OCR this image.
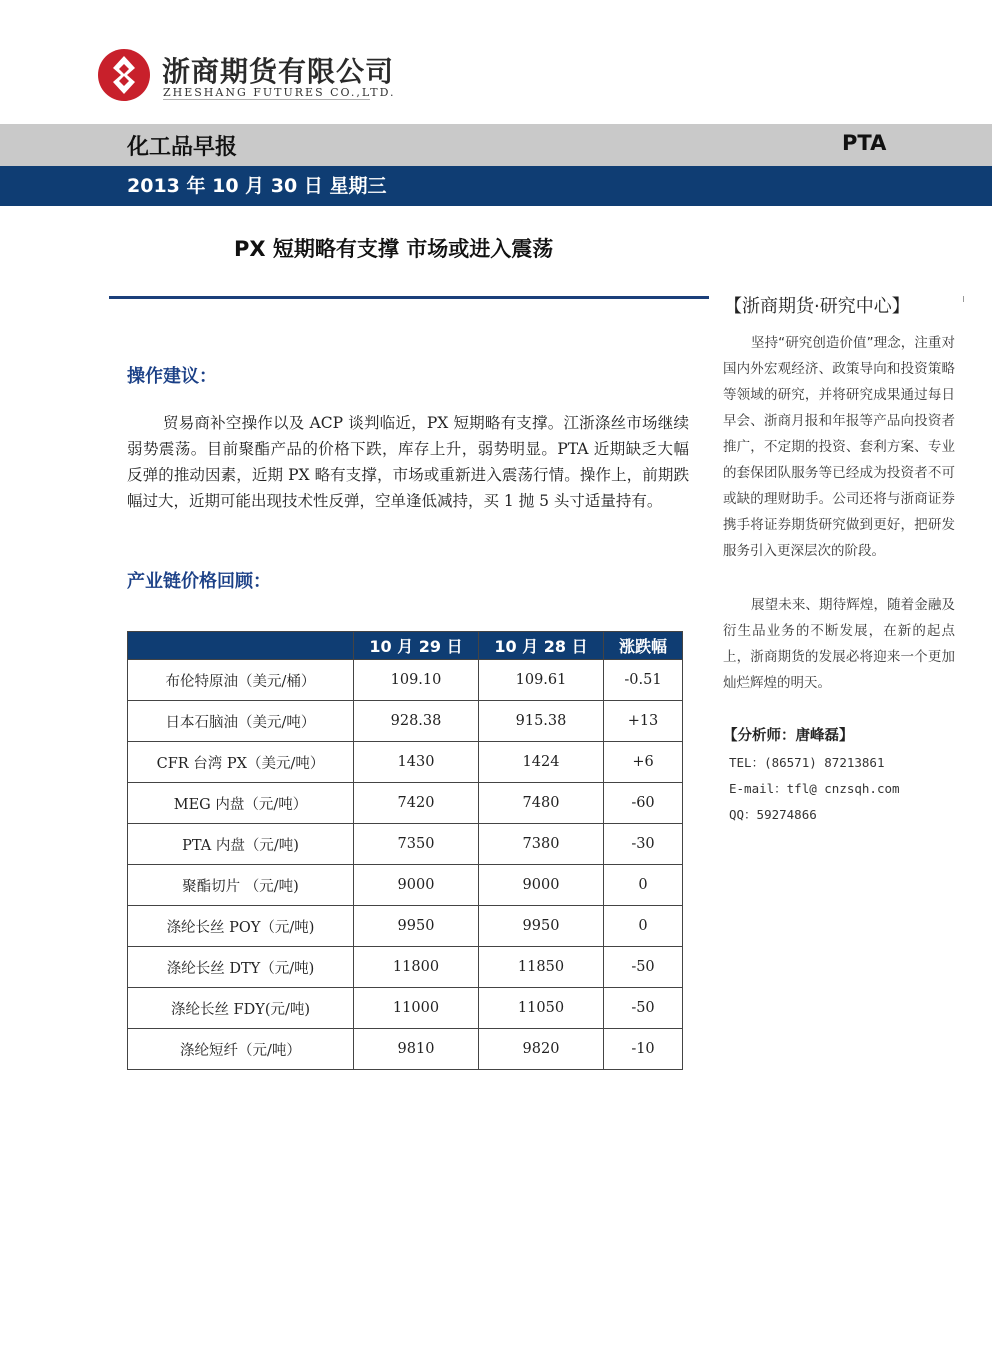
浙商期货有限公司
ZHESHANG FUTURES CO.,LTD.
化工品早报	PTA
2013 年 10 月 30 日 星期三
PX 短期略有支撑 市场或进入震荡
操作建议：
贸易商补空操作以及 ACP 谈判临近，PX 短期略有支撑。江浙涤丝市场继续弱势震荡。目前聚酯产品的价格下跌，库存上升，弱势明显。PTA 近期缺乏大幅反弹的推动因素，近期 PX 略有支撑，市场或重新进入震荡行情。操作上，前期跌幅过大，近期可能出现技术性反弹，空单逢低减持，买 1 抛 5 头寸适量持有。
产业链价格回顾：
	10 月 29 日	10 月 28 日	涨跌幅
布伦特原油（美元/桶）	109.10	109.61	-0.51
日本石脑油（美元/吨）	928.38	915.38	+13
CFR 台湾 PX（美元/吨）	1430	1424	+6
MEG 内盘（元/吨）	7420	7480	-60
PTA 内盘（元/吨)	7350	7380	-30
聚酯切片 （元/吨)	9000	9000	0
涤纶长丝 POY（元/吨)	9950	9950	0
涤纶长丝 DTY（元/吨)	11800	11850	-50
涤纶长丝 FDY(元/吨)	11000	11050	-50
涤纶短纤（元/吨）	9810	9820	-10
【浙商期货·研究中心】
坚持“研究创造价值”理念，注重对国内外宏观经济、政策导向和投资策略等领域的研究，并将研究成果通过每日早会、浙商月报和年报等产品向投资者推广，不定期的投资、套利方案、专业的套保团队服务等已经成为投资者不可或缺的理财助手。公司还将与浙商证券携手将证券期货研究做到更好，把研发服务引入更深层次的阶段。
展望未来、期待辉煌，随着金融及衍生品业务的不断发展，在新的起点上，浙商期货的发展必将迎来一个更加灿烂辉煌的明天。
【分析师：唐峰磊】
TEL：(86571) 87213861
E-mail：tfl@ cnzsqh.com
QQ：59274866
